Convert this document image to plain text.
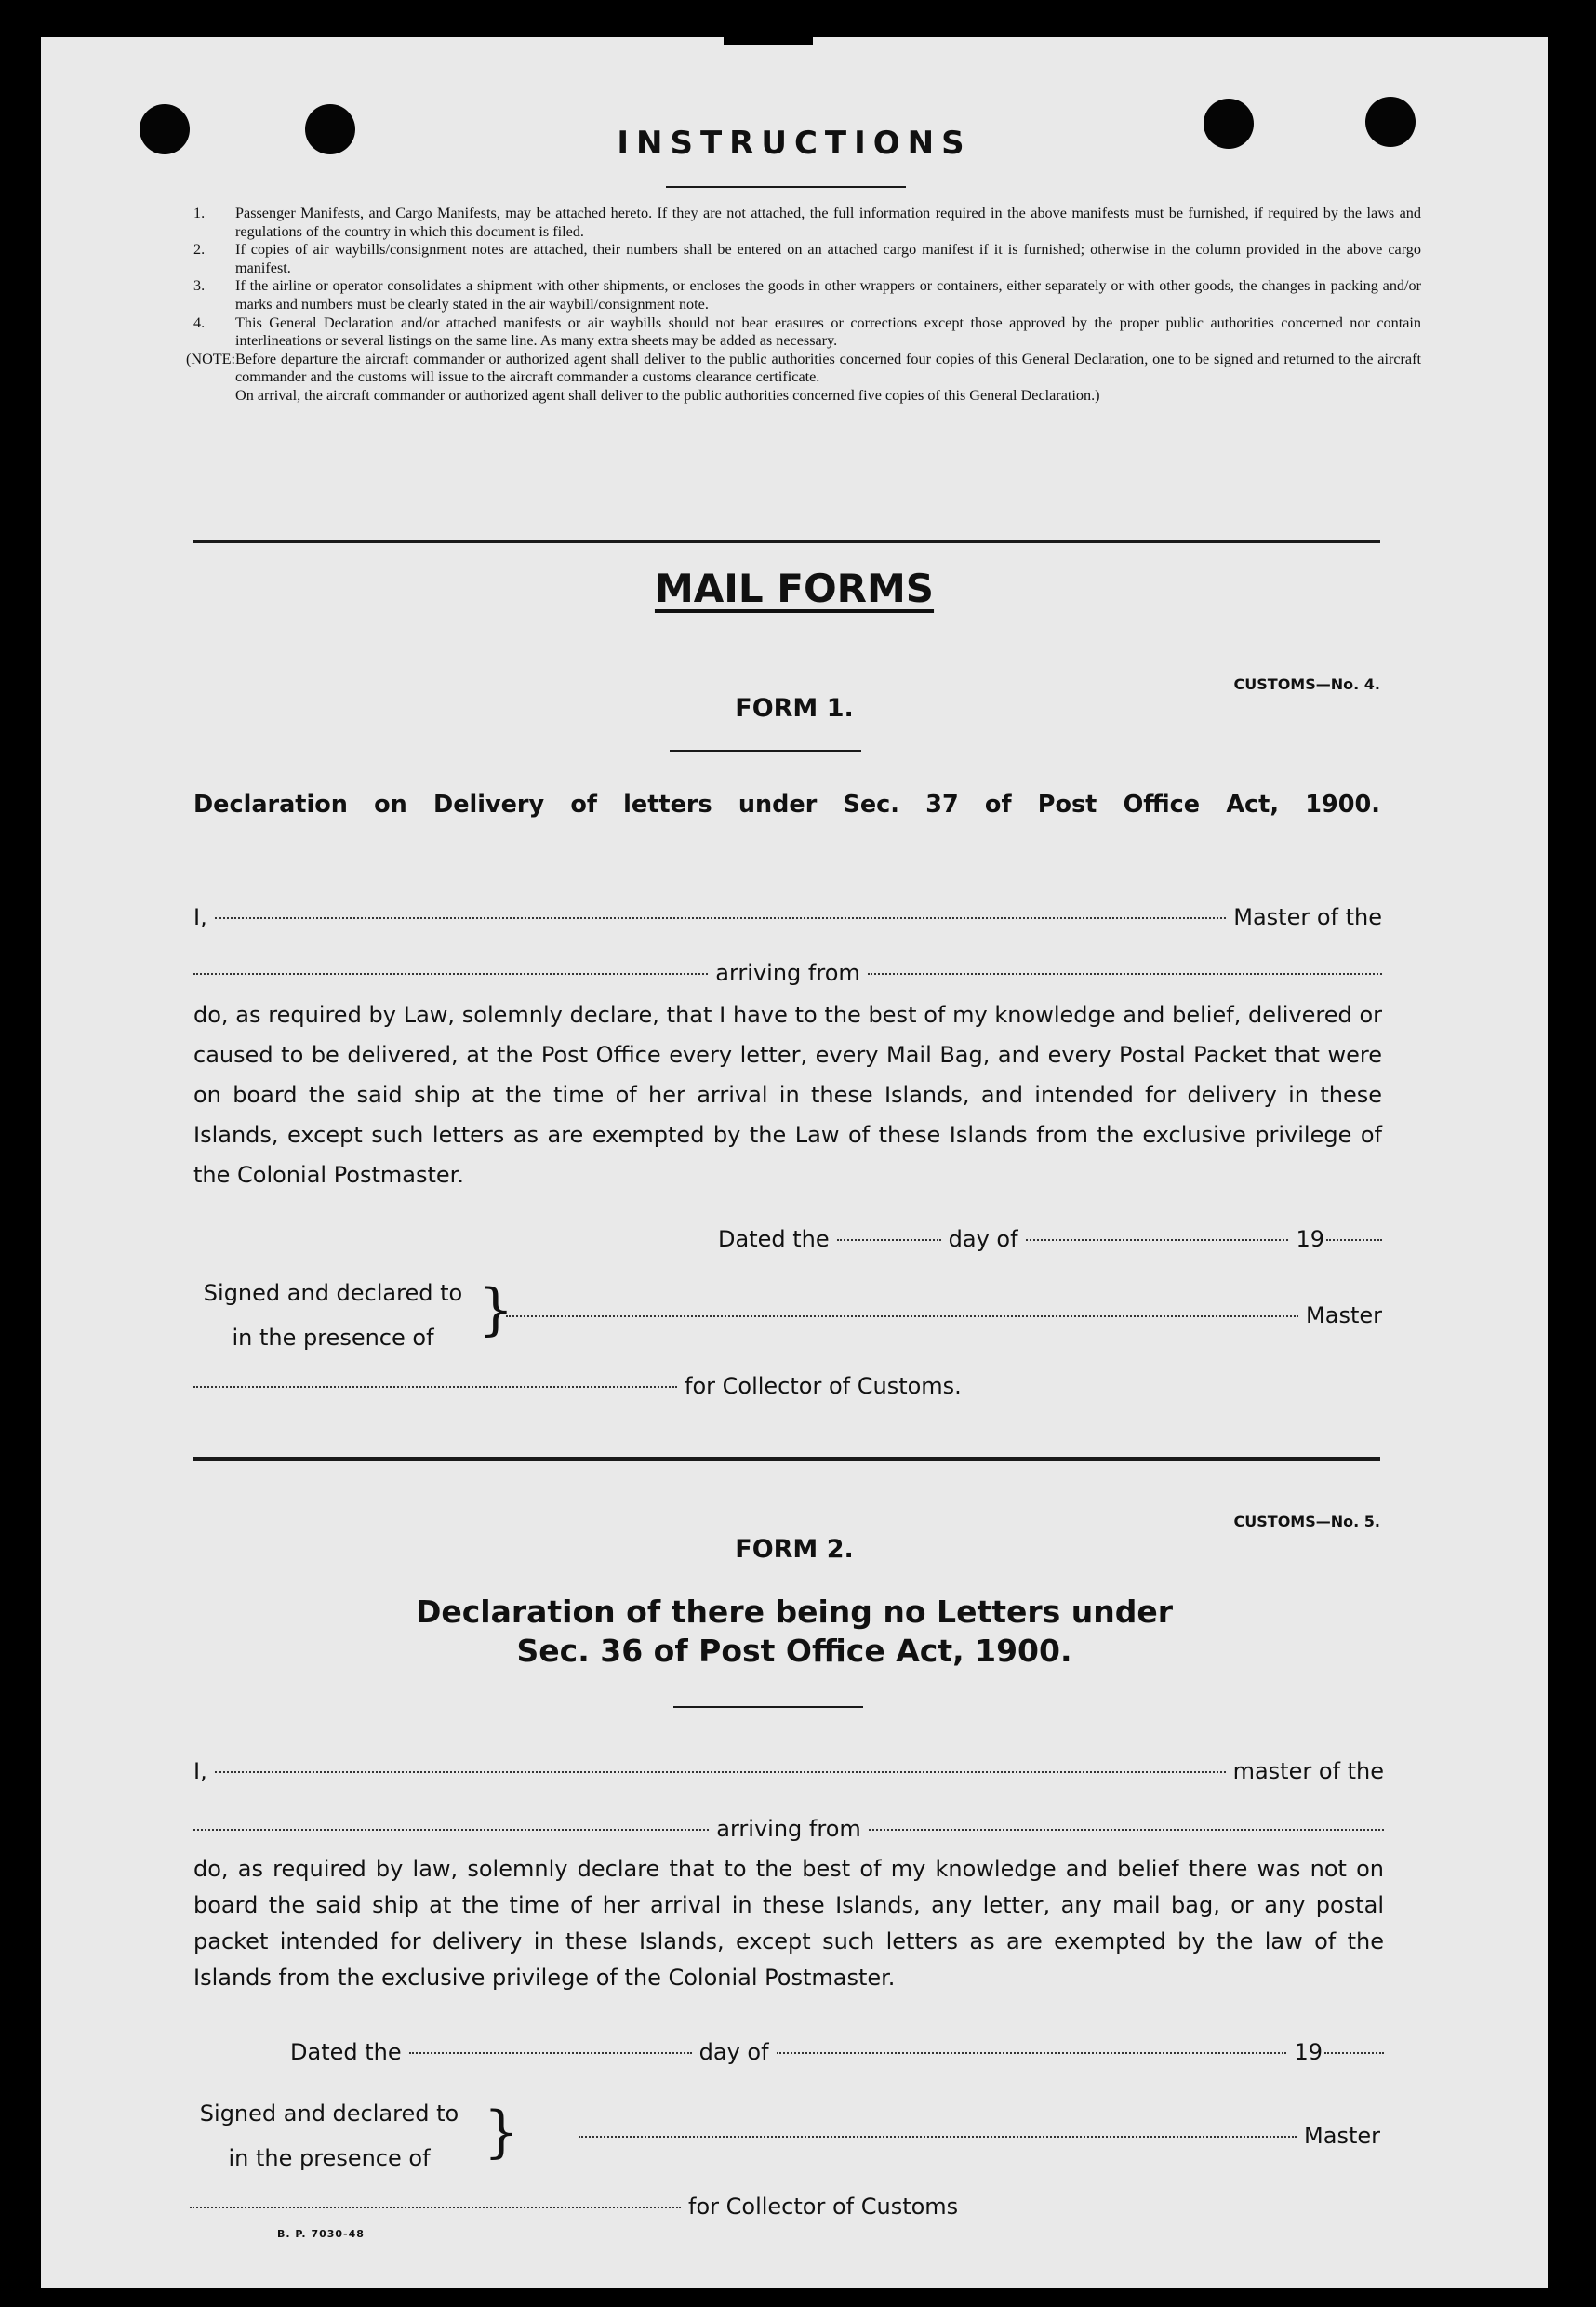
INSTRUCTIONS
1.	Passenger Manifests, and Cargo Manifests, may be attached hereto. If they are not attached, the full information required in the above manifests must be furnished, if required by the laws and regulations of the country in which this document is filed.
2.	If copies of air waybills/consignment notes are attached, their numbers shall be entered on an attached cargo manifest if it is furnished; otherwise in the column provided in the above cargo manifest.
3.	If the airline or operator consolidates a shipment with other shipments, or encloses the goods in other wrappers or containers, either separately or with other goods, the changes in packing and/or marks and numbers must be clearly stated in the air waybill/consignment note.
4.	This General Declaration and/or attached manifests or air waybills should not bear erasures or corrections except those approved by the proper public authorities concerned nor contain interlineations or several listings on the same line. As many extra sheets may be added as necessary.
(NOTE: Before departure the aircraft commander or authorized agent shall deliver to the public authorities concerned four copies of this General Declaration, one to be signed and returned to the aircraft commander and the customs will issue to the aircraft commander a customs clearance certificate.
On arrival, the aircraft commander or authorized agent shall deliver to the public authorities concerned five copies of this General Declaration.)
MAIL FORMS
CUSTOMS—No. 4.
FORM 1.
Declaration on Delivery of letters under Sec. 37 of Post Office Act, 1900.
I,	Master of the
arriving from
do, as required by Law, solemnly declare, that I have to the best of my knowledge and belief, delivered or caused to be delivered, at the Post Office every letter, every Mail Bag, and every Postal Packet that were on board the said ship at the time of her arrival in these Islands, and intended for delivery in these Islands, except such letters as are exempted by the Law of these Islands from the exclusive privilege of the Colonial Postmaster.
Dated the	day of	19
Signed and declared to
in the presence of }	Master
for Collector of Customs.
CUSTOMS—No. 5.
FORM 2.
Declaration of there being no Letters under
Sec. 36 of Post Office Act, 1900.
I,	master of the
arriving from
do, as required by law, solemnly declare that to the best of my knowledge and belief there was not on board the said ship at the time of her arrival in these Islands, any letter, any mail bag, or any postal packet intended for delivery in these Islands, except such letters as are exempted by the law of the Islands from the exclusive privilege of the Colonial Postmaster.
Dated the	day of	19
Signed and declared to
in the presence of }	Master
for Collector of Customs
B. P. 7030-48
